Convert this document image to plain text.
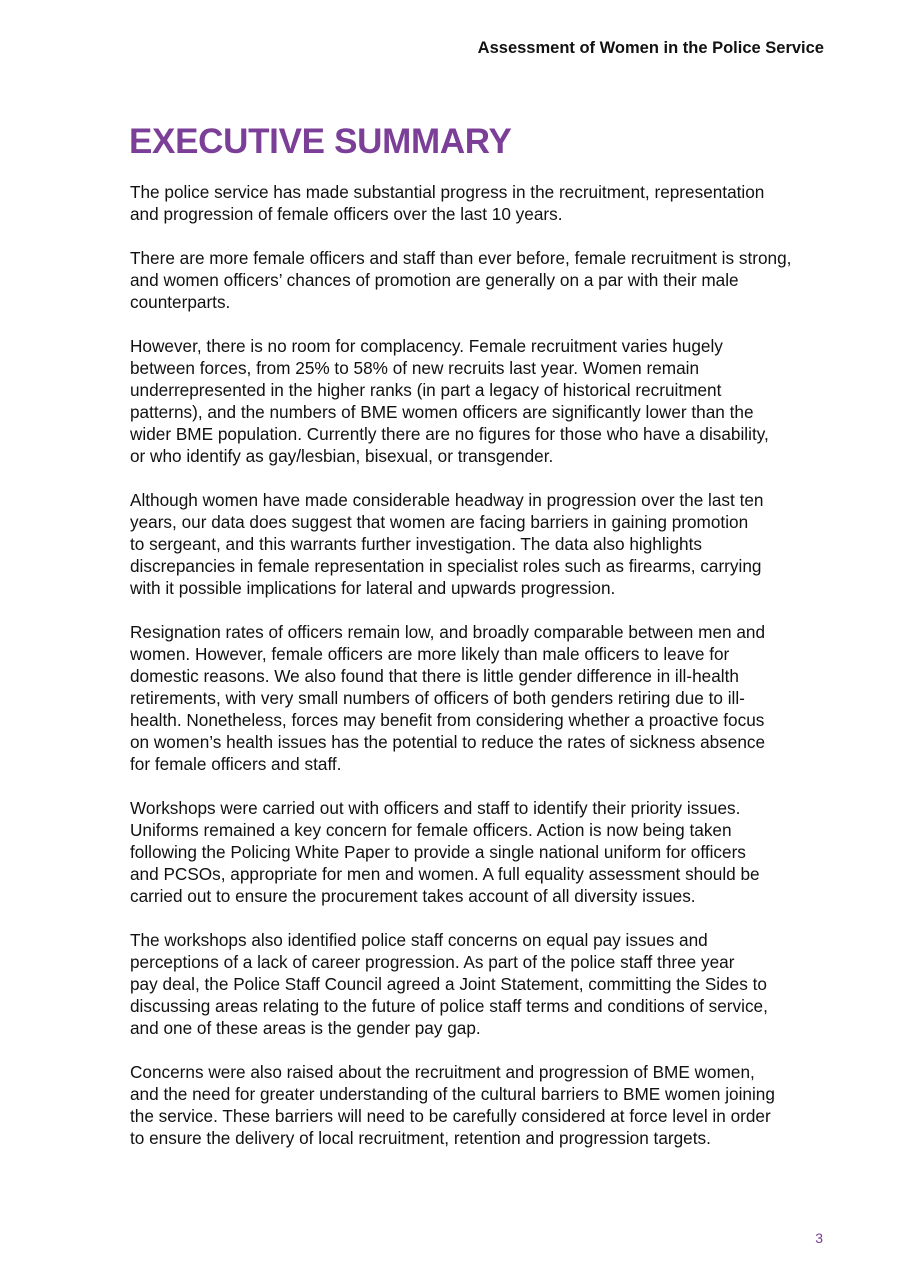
Assessment of Women in the Police Service
EXECUTIVE SUMMARY

The police service has made substantial progress in the recruitment, representation
and progression of female officers over the last 10 years.

There are more female officers and staff than ever before, female recruitment is strong,
and women officers’ chances of promotion are generally on a par with their male
counterparts.

However, there is no room for complacency. Female recruitment varies hugely
between forces, from 25% to 58% of new recruits last year. Women remain
underrepresented in the higher ranks (in part a legacy of historical recruitment
patterns), and the numbers of BME women officers are significantly lower than the
wider BME population. Currently there are no figures for those who have a disability,
or who identify as gay/lesbian, bisexual, or transgender.

Although women have made considerable headway in progression over the last ten
years, our data does suggest that women are facing barriers in gaining promotion
to sergeant, and this warrants further investigation. The data also highlights
discrepancies in female representation in specialist roles such as firearms, carrying
with it possible implications for lateral and upwards progression.

Resignation rates of officers remain low, and broadly comparable between men and
women. However, female officers are more likely than male officers to leave for
domestic reasons. We also found that there is little gender difference in ill-health
retirements, with very small numbers of officers of both genders retiring due to ill-
health. Nonetheless, forces may benefit from considering whether a proactive focus
on women’s health issues has the potential to reduce the rates of sickness absence
for female officers and staff.

Workshops were carried out with officers and staff to identify their priority issues.
Uniforms remained a key concern for female officers. Action is now being taken
following the Policing White Paper to provide a single national uniform for officers
and PCSOs, appropriate for men and women. A full equality assessment should be
carried out to ensure the procurement takes account of all diversity issues.

The workshops also identified police staff concerns on equal pay issues and
perceptions of a lack of career progression. As part of the police staff three year
pay deal, the Police Staff Council agreed a Joint Statement, committing the Sides to
discussing areas relating to the future of police staff terms and conditions of service,
and one of these areas is the gender pay gap.

Concerns were also raised about the recruitment and progression of BME women,
and the need for greater understanding of the cultural barriers to BME women joining
the service. These barriers will need to be carefully considered at force level in order
to ensure the delivery of local recruitment, retention and progression targets.

3
